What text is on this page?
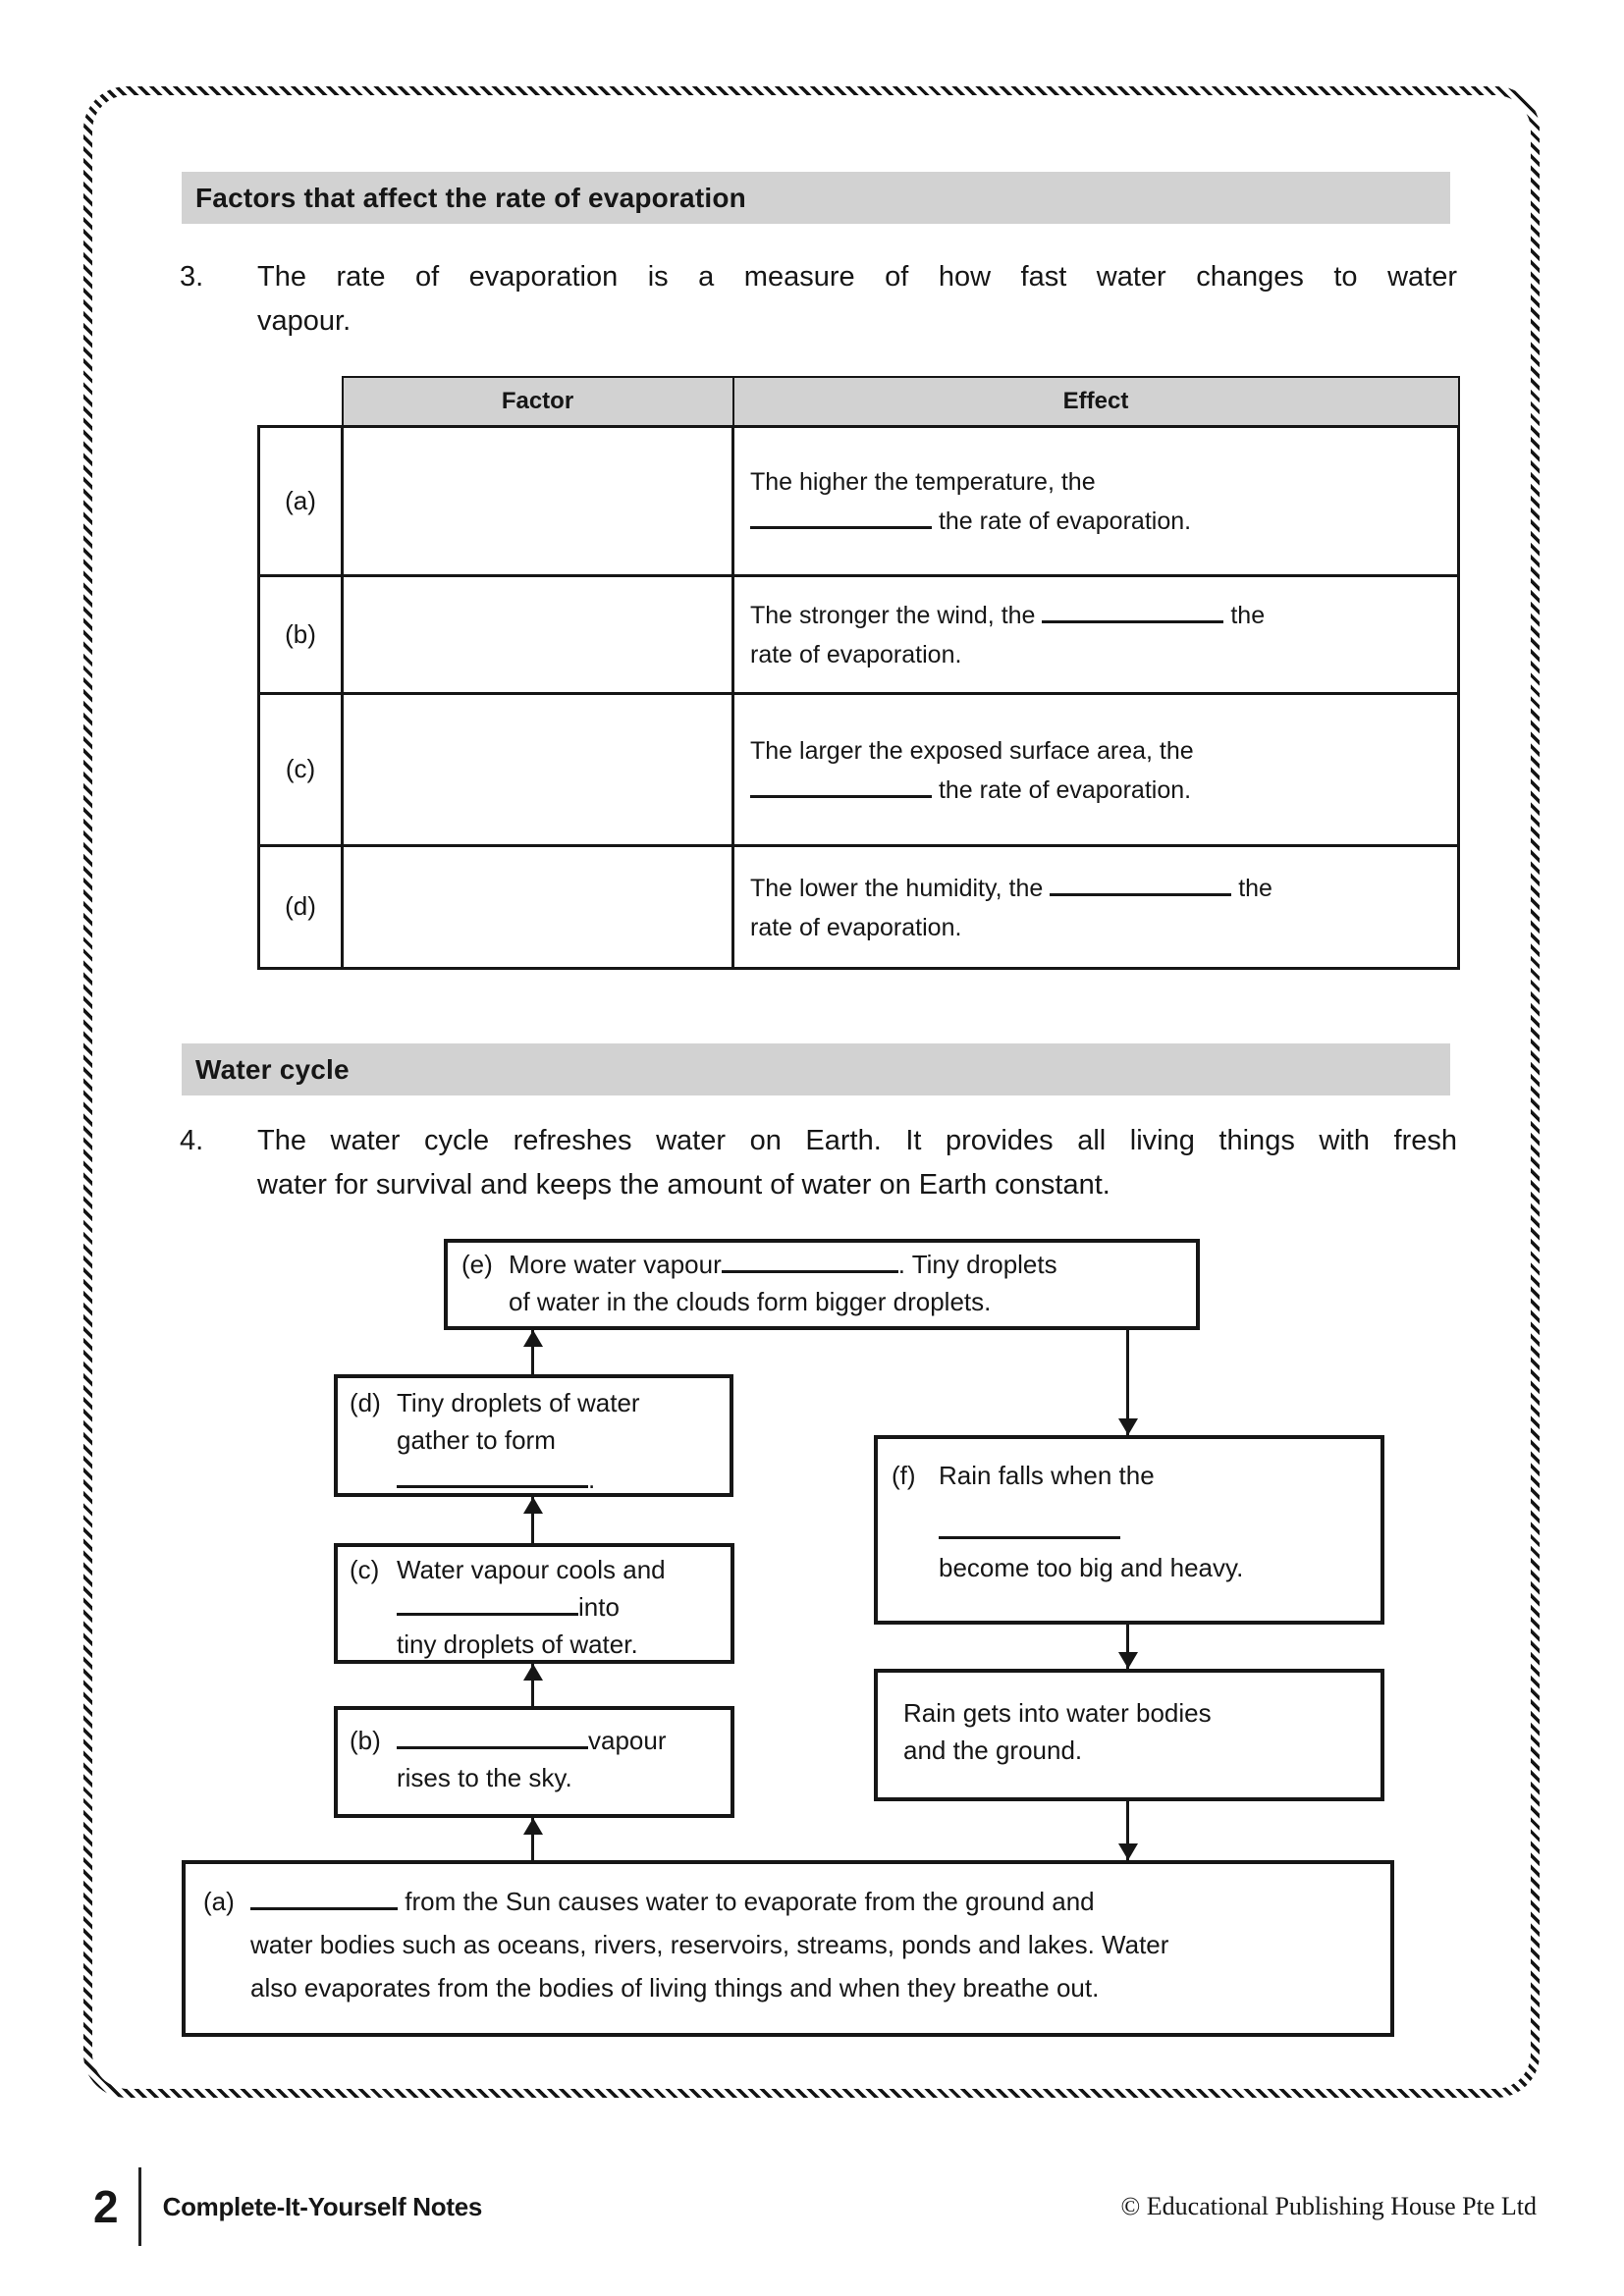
Factors that affect the rate of evaporation
3.	The rate of evaporation is a measure of how fast water changes to water
vapour.
	Factor	Effect
(a)		The higher the temperature, the
the rate of evaporation.

(b)		The stronger the wind, the the
rate of evaporation.

(c)		The larger the exposed surface area, the
the rate of evaporation.

(d)		The lower the humidity, the the
rate of evaporation.
Water cycle
4.	The water cycle refreshes water on Earth. It provides all living things with fresh
water for survival and keeps the amount of water on Earth constant.
(e) More water vapour	. Tiny droplets
of water in the clouds form bigger droplets.
(d) Tiny droplets of water
gather to form
.
(c) Water vapour cools and
into
tiny droplets of water.
(b)	vapour
rises to the sky.
(f) Rain falls when the
become too big and heavy.
Rain gets into water bodies
and the ground.
(a)	from the Sun causes water to evaporate from the ground and
water bodies such as oceans, rivers, reservoirs, streams, ponds and lakes. Water
also evaporates from the bodies of living things and when they breathe out.
2 Complete-It-Yourself Notes	© Educational Publishing House Pte Ltd
